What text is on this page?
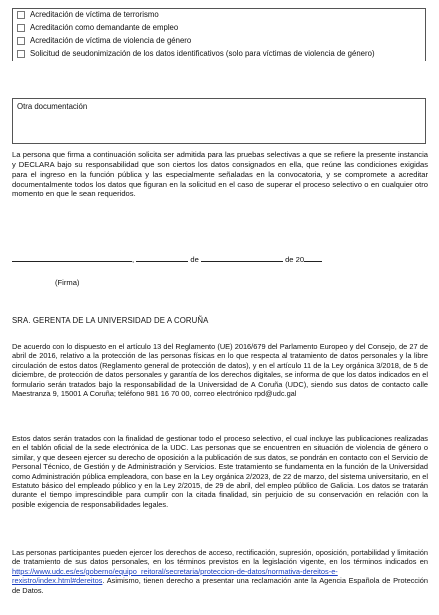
Acreditación de víctima de terrorismo
Acreditación como demandante de empleo
Acreditación de víctima de violencia de género
Solicitud de seudonimización de los datos identificativos (solo para víctimas de violencia de género)
Otra documentación
La persona que firma a continuación solicita ser admitida para las pruebas selectivas a que se refiere la presente instancia y DECLARA bajo su responsabilidad que son ciertos los datos consignados en ella, que reúne las condiciones exigidas para el ingreso en la función pública y las especialmente señaladas en la convocatoria, y se compromete a acreditar documentalmente todos los datos que figuran en la solicitud en el caso de superar el proceso selectivo o en cualquier otro momento en que le sean requeridos.
,	de	de 20
(Firma)
SRA. GERENTA DE LA UNIVERSIDAD DE A CORUÑA
De acuerdo con lo dispuesto en el artículo 13 del Reglamento (UE) 2016/679 del Parlamento Europeo y del Consejo, de 27 de abril de 2016, relativo a la protección de las personas físicas en lo que respecta al tratamiento de datos personales y la libre circulación de estos datos (Reglamento general de protección de datos), y en el artículo 11 de la Ley orgánica 3/2018, de 5 de diciembre, de protección de datos personales y garantía de los derechos digitales, se informa de que los datos indicados en el formulario serán tratados bajo la responsabilidad de la Universidad de A Coruña (UDC), siendo sus datos de contacto calle Maestranza 9, 15001 A Coruña; teléfono 981 16 70 00, correo electrónico rpd@udc.gal
Estos datos serán tratados con la finalidad de gestionar todo el proceso selectivo, el cual incluye las publicaciones realizadas en el tablón oficial de la sede electrónica de la UDC. Las personas que se encuentren en situación de violencia de género o similar, y que deseen ejercer su derecho de oposición a la publicación de sus datos, se pondrán en contacto con el Servicio de Personal Técnico, de Gestión y de Administración y Servicios. Este tratamiento se fundamenta en la función de la Universidad como Administración pública empleadora, con base en la Ley orgánica 2/2023, de 22 de marzo, del sistema universitario, en el Estatuto básico del empleado público y en la Ley 2/2015, de 29 de abril, del empleo público de Galicia. Los datos se tratarán durante el tiempo imprescindible para cumplir con la citada finalidad, sin perjuicio de su conservación en relación con la posible exigencia de responsabilidades legales.
Las personas participantes pueden ejercer los derechos de acceso, rectificación, supresión, oposición, portabilidad y limitación de tratamiento de sus datos personales, en los términos previstos en la legislación vigente, en los términos indicados en https://www.udc.es/es/goberno/equipo_reitoral/secretaria/proteccion-de-datos/normativa-dereitos-e-rexistro/index.html#dereitos. Asimismo, tienen derecho a presentar una reclamación ante la Agencia Española de Protección de Datos.
